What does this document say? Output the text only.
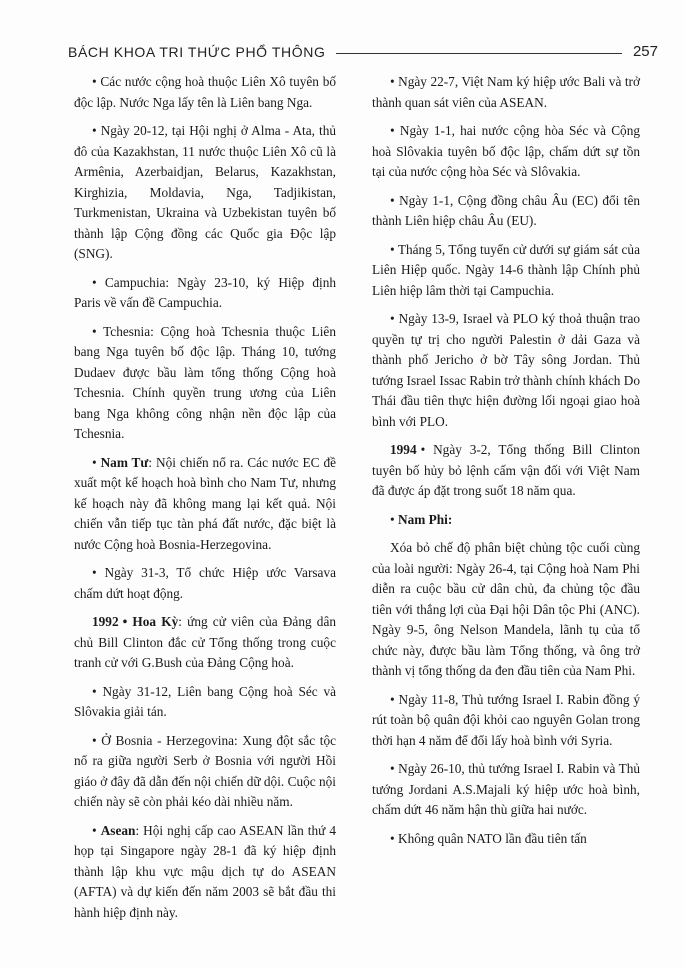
BÁCH KHOA TRI THỨC PHỔ THÔNG	257

• Các nước cộng hoà thuộc Liên Xô tuyên bố độc lập. Nước Nga lấy tên là Liên bang Nga.

• Ngày 20-12, tại Hội nghị ở Alma - Ata, thủ đô của Kazakhstan, 11 nước thuộc Liên Xô cũ là Armênia, Azerbaidjan, Belarus, Kazakhstan, Kirghizia, Moldavia, Nga, Tadjikistan, Turkmenistan, Ukraina và Uzbekistan tuyên bố thành lập Cộng đồng các Quốc gia Độc lập (SNG).

• Campuchia: Ngày 23-10, ký Hiệp định Paris về vấn đề Campuchia.

• Tchesnia: Cộng hoà Tchesnia thuộc Liên bang Nga tuyên bố độc lập. Tháng 10, tướng Dudaev được bầu làm tổng thống Cộng hoà Tchesnia. Chính quyền trung ương của Liên bang Nga không công nhận nền độc lập của Tchesnia.

• Nam Tư: Nội chiến nổ ra. Các nước EC đề xuất một kế hoạch hoà bình cho Nam Tư, nhưng kế hoạch này đã không mang lại kết quả. Nội chiến vẫn tiếp tục tàn phá đất nước, đặc biệt là nước Cộng hoà Bosnia-Herzegovina.

• Ngày 31-3, Tổ chức Hiệp ước Varsava chấm dứt hoạt động.

1992 • Hoa Kỳ: ứng cử viên của Đảng dân chủ Bill Clinton đắc cử Tổng thống trong cuộc tranh cử với G.Bush của Đảng Cộng hoà.

• Ngày 31-12, Liên bang Cộng hoà Séc và Slôvakia giải tán.

• Ở Bosnia - Herzegovina: Xung đột sắc tộc nổ ra giữa người Serb ở Bosnia với người Hồi giáo ở đây đã dẫn đến nội chiến dữ dội. Cuộc nội chiến này sẽ còn phải kéo dài nhiều năm.

• Asean: Hội nghị cấp cao ASEAN lần thứ 4 họp tại Singapore ngày 28-1 đã ký hiệp định thành lập khu vực mậu dịch tự do ASEAN (AFTA) và dự kiến đến năm 2003 sẽ bắt đầu thi hành hiệp định này.

• Ngày 22-7, Việt Nam ký hiệp ước Bali và trở thành quan sát viên của ASEAN.

• Ngày 1-1, hai nước cộng hòa Séc và Cộng hoà Slôvakia tuyên bố độc lập, chấm dứt sự tồn tại của nước cộng hòa Séc và Slôvakia.

• Ngày 1-1, Cộng đồng châu Âu (EC) đổi tên thành Liên hiệp châu Âu (EU).

• Tháng 5, Tổng tuyển cử dưới sự giám sát của Liên Hiệp quốc. Ngày 14-6 thành lập Chính phủ Liên hiệp lâm thời tại Campuchia.

• Ngày 13-9, Israel và PLO ký thoả thuận trao quyền tự trị cho người Palestin ở dải Gaza và thành phố Jericho ở bờ Tây sông Jordan. Thủ tướng Israel Issac Rabin trở thành chính khách Do Thái đầu tiên thực hiện đường lối ngoại giao hoà bình với PLO.

1994 • Ngày 3-2, Tổng thống Bill Clinton tuyên bố hủy bỏ lệnh cấm vận đối với Việt Nam đã được áp đặt trong suốt 18 năm qua.

• Nam Phi:

Xóa bỏ chế độ phân biệt chủng tộc cuối cùng của loài người: Ngày 26-4, tại Cộng hoà Nam Phi diễn ra cuộc bầu cử dân chủ, đa chủng tộc đầu tiên với thắng lợi của Đại hội Dân tộc Phi (ANC). Ngày 9-5, ông Nelson Mandela, lãnh tụ của tổ chức này, được bầu làm Tổng thống, và ông trở thành vị tổng thống da đen đầu tiên của Nam Phi.

• Ngày 11-8, Thủ tướng Israel I. Rabin đồng ý rút toàn bộ quân đội khỏi cao nguyên Golan trong thời hạn 4 năm để đổi lấy hoà bình với Syria.

• Ngày 26-10, thủ tướng Israel I. Rabin và Thủ tướng Jordani A.S.Majali ký hiệp ước hoà bình, chấm dứt 46 năm hận thù giữa hai nước.

• Không quân NATO lần đầu tiên tấn
